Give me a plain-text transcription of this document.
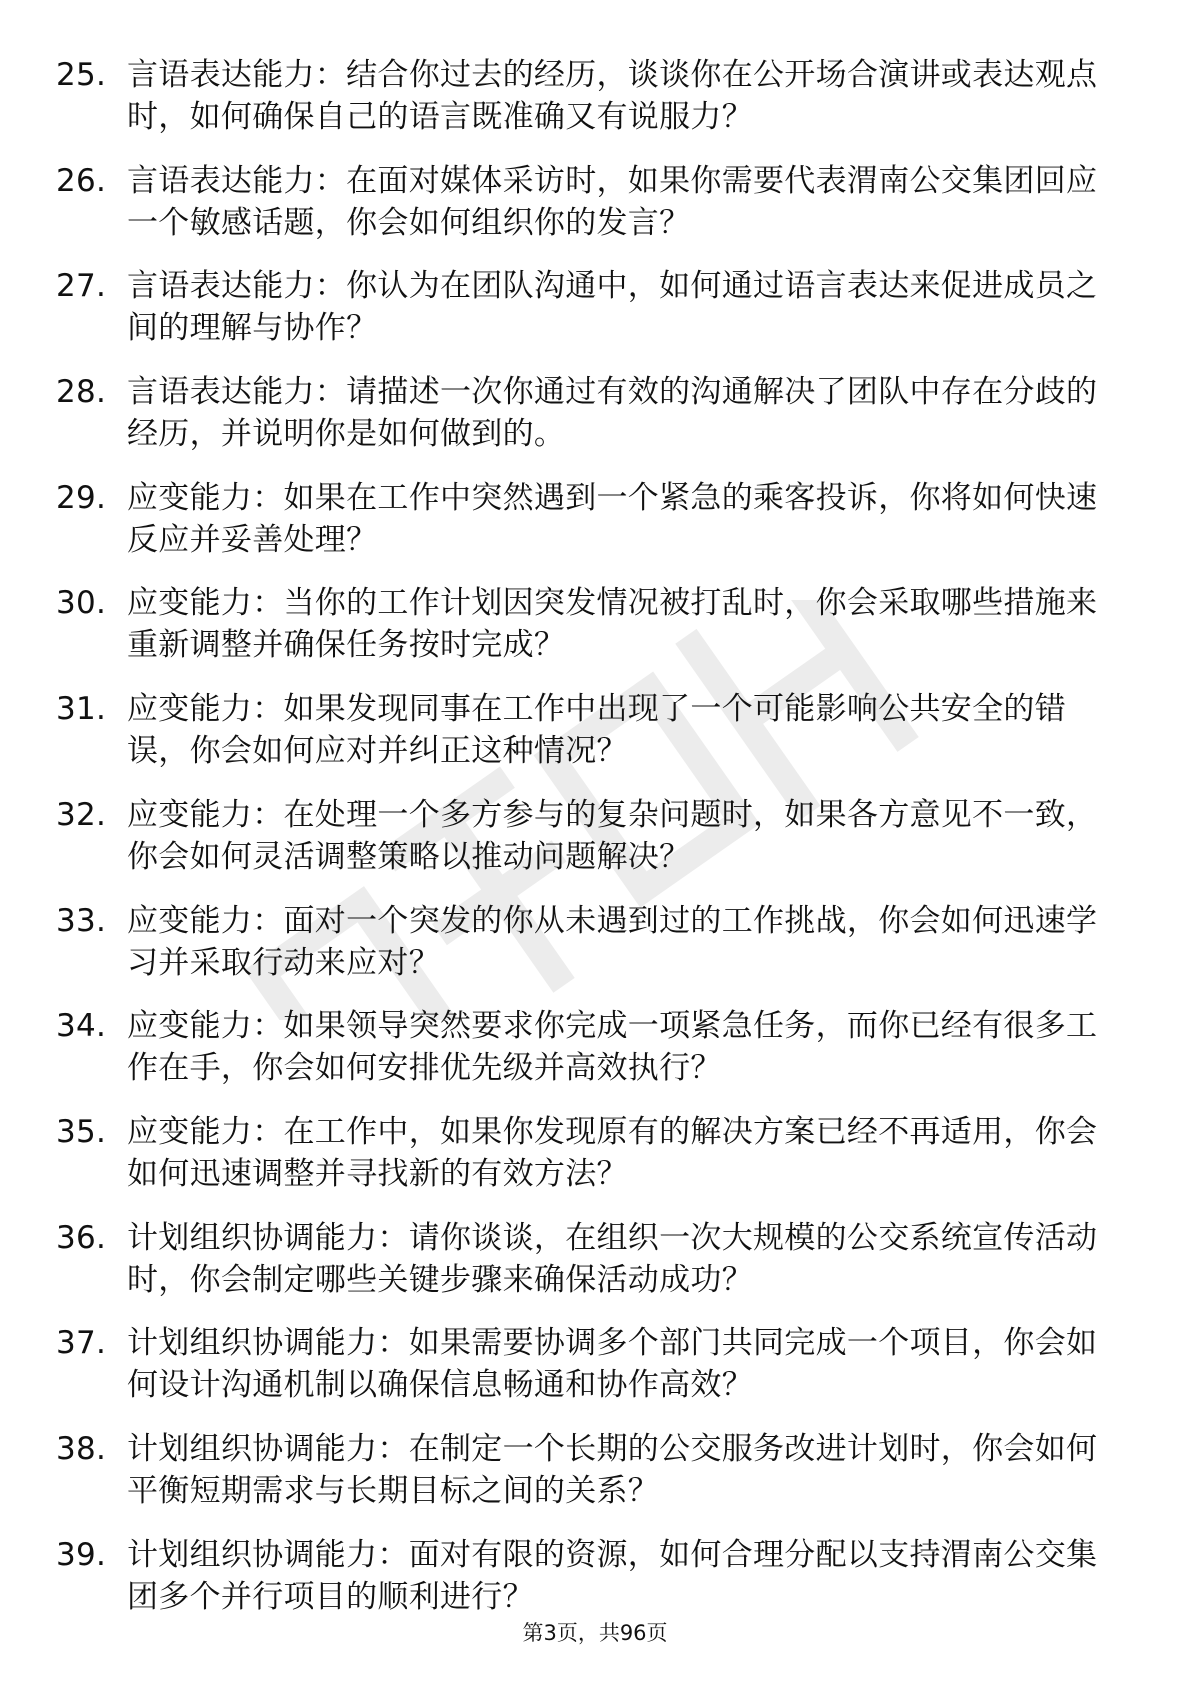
25. 言语表达能力：结合你过去的经历，谈谈你在公开场合演讲或表达观点时，如何确保自己的语言既准确又有说服力？
26. 言语表达能力：在面对媒体采访时，如果你需要代表渭南公交集团回应一个敏感话题，你会如何组织你的发言？
27. 言语表达能力：你认为在团队沟通中，如何通过语言表达来促进成员之间的理解与协作？
28. 言语表达能力：请描述一次你通过有效的沟通解决了团队中存在分歧的经历，并说明你是如何做到的。
29. 应变能力：如果在工作中突然遇到一个紧急的乘客投诉，你将如何快速反应并妥善处理？
30. 应变能力：当你的工作计划因突发情况被打乱时，你会采取哪些措施来重新调整并确保任务按时完成？
31. 应变能力：如果发现同事在工作中出现了一个可能影响公共安全的错误，你会如何应对并纠正这种情况？
32. 应变能力：在处理一个多方参与的复杂问题时，如果各方意见不一致，你会如何灵活调整策略以推动问题解决？
33. 应变能力：面对一个突发的你从未遇到过的工作挑战，你会如何迅速学习并采取行动来应对？
34. 应变能力：如果领导突然要求你完成一项紧急任务，而你已经有很多工作在手，你会如何安排优先级并高效执行？
35. 应变能力：在工作中，如果你发现原有的解决方案已经不再适用，你会如何迅速调整并寻找新的有效方法？
36. 计划组织协调能力：请你谈谈，在组织一次大规模的公交系统宣传活动时，你会制定哪些关键步骤来确保活动成功？
37. 计划组织协调能力：如果需要协调多个部门共同完成一个项目，你会如何设计沟通机制以确保信息畅通和协作高效？
38. 计划组织协调能力：在制定一个长期的公交服务改进计划时，你会如何平衡短期需求与长期目标之间的关系？
39. 计划组织协调能力：面对有限的资源，如何合理分配以支持渭南公交集团多个并行项目的顺利进行？
第3页，共96页
